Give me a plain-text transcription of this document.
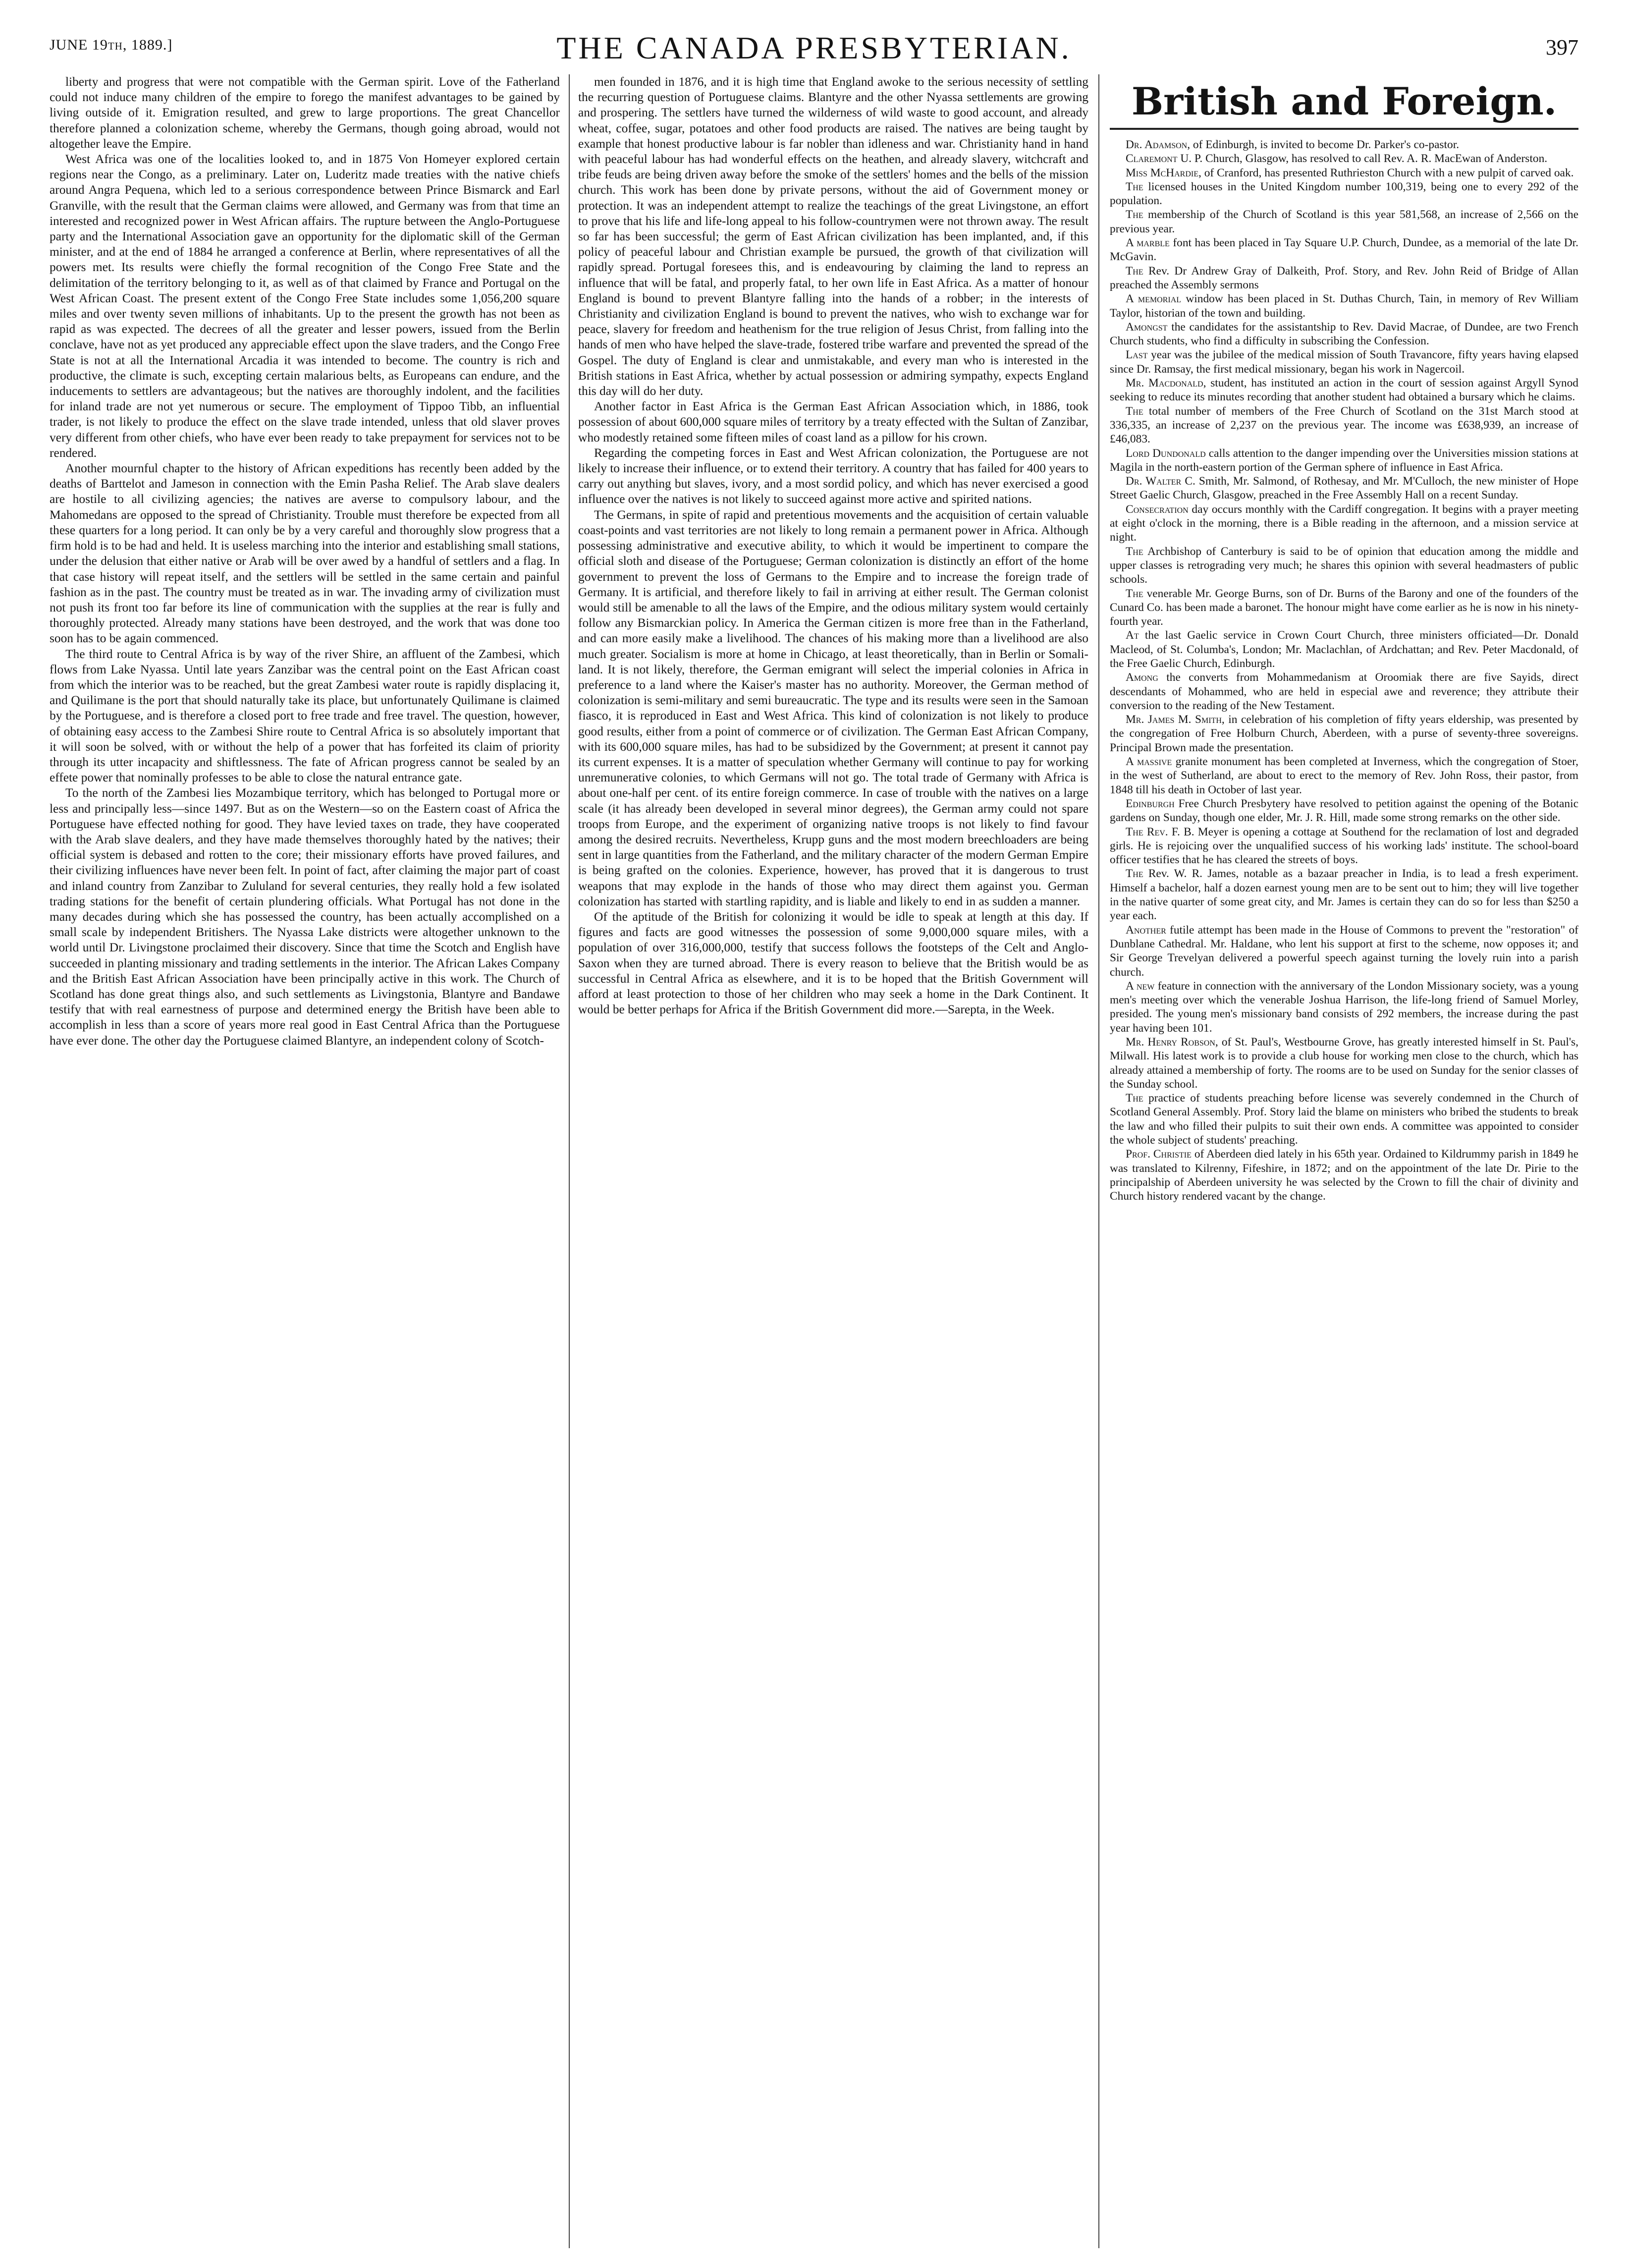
JUNE 19th, 1889.]	THE CANADA PRESBYTERIAN.	397

liberty and progress that were not compatible with the German spirit. Love of the Fatherland could not induce many children of the empire to forego the manifest advantages to be gained by living outside of it. Emigration resulted, and grew to large proportions. The great Chancellor therefore planned a colonization scheme, whereby the Germans, though going abroad, would not altogether leave the Empire.

West Africa was one of the localities looked to, and in 1875 Von Homeyer explored certain regions near the Congo, as a preliminary. Later on, Luderitz made treaties with the native chiefs around Angra Pequena, which led to a serious correspondence between Prince Bismarck and Earl Granville, with the result that the German claims were allowed, and Germany was from that time an interested and recognized power in West African affairs. The rupture between the Anglo-Portuguese party and the International Association gave an opportunity for the diplomatic skill of the German minister, and at the end of 1884 he arranged a conference at Berlin, where representatives of all the powers met. Its results were chiefly the formal recognition of the Congo Free State and the delimitation of the territory belonging to it, as well as of that claimed by France and Portugal on the West African Coast. The present extent of the Congo Free State includes some 1,056,200 square miles and over twenty seven millions of inhabitants. Up to the present the growth has not been as rapid as was expected. The decrees of all the greater and lesser powers, issued from the Berlin conclave, have not as yet produced any appreciable effect upon the slave traders, and the Congo Free State is not at all the International Arcadia it was intended to become. The country is rich and productive, the climate is such, excepting certain malarious belts, as Europeans can endure, and the inducements to settlers are advantageous; but the natives are thoroughly indolent, and the facilities for inland trade are not yet numerous or secure. The employment of Tippoo Tibb, an influential trader, is not likely to produce the effect on the slave trade intended, unless that old slaver proves very different from other chiefs, who have ever been ready to take prepayment for services not to be rendered.

Another mournful chapter to the history of African expeditions has recently been added by the deaths of Barttelot and Jameson in connection with the Emin Pasha Relief. The Arab slave dealers are hostile to all civilizing agencies; the natives are averse to compulsory labour, and the Mahomedans are opposed to the spread of Christianity. Trouble must therefore be expected from all these quarters for a long period. It can only be by a very careful and thoroughly slow progress that a firm hold is to be had and held. It is useless marching into the interior and establishing small stations, under the delusion that either native or Arab will be over awed by a handful of settlers and a flag. In that case history will repeat itself, and the settlers will be settled in the same certain and painful fashion as in the past. The country must be treated as in war. The invading army of civilization must not push its front too far before its line of communication with the supplies at the rear is fully and thoroughly protected. Already many stations have been destroyed, and the work that was done too soon has to be again commenced.

The third route to Central Africa is by way of the river Shire, an affluent of the Zambesi, which flows from Lake Nyassa. Until late years Zanzibar was the central point on the East African coast from which the interior was to be reached, but the great Zambesi water route is rapidly displacing it, and Quilimane is the port that should naturally take its place, but unfortunately Quilimane is claimed by the Portuguese, and is therefore a closed port to free trade and free travel. The question, however, of obtaining easy access to the Zambesi Shire route to Central Africa is so absolutely important that it will soon be solved, with or without the help of a power that has forfeited its claim of priority through its utter incapacity and shiftlessness. The fate of African progress cannot be sealed by an effete power that nominally professes to be able to close the natural entrance gate.

To the north of the Zambesi lies Mozambique territory, which has belonged to Portugal more or less and principally less—since 1497. But as on the Western—so on the Eastern coast of Africa the Portuguese have effected nothing for good. They have levied taxes on trade, they have cooperated with the Arab slave dealers, and they have made themselves thoroughly hated by the natives; their official system is debased and rotten to the core; their missionary efforts have proved failures, and their civilizing influences have never been felt. In point of fact, after claiming the major part of coast and inland country from Zanzibar to Zululand for several centuries, they really hold a few isolated trading stations for the benefit of certain plundering officials. What Portugal has not done in the many decades during which she has possessed the country, has been actually accomplished on a small scale by independent Britishers. The Nyassa Lake districts were altogether unknown to the world until Dr. Livingstone proclaimed their discovery. Since that time the Scotch and English have succeeded in planting missionary and trading settlements in the interior. The African Lakes Company and the British East African Association have been principally active in this work. The Church of Scotland has done great things also, and such settlements as Livingstonia, Blantyre and Bandawe testify that with real earnestness of purpose and determined energy the British have been able to accomplish in less than a score of years more real good in East Central Africa than the Portuguese have ever done. The other day the Portuguese claimed Blantyre, an independent colony of Scotch-

men founded in 1876, and it is high time that England awoke to the serious necessity of settling the recurring question of Portuguese claims. Blantyre and the other Nyassa settlements are growing and prospering. The settlers have turned the wilderness of wild waste to good account, and already wheat, coffee, sugar, potatoes and other food products are raised. The natives are being taught by example that honest productive labour is far nobler than idleness and war. Christianity hand in hand with peaceful labour has had wonderful effects on the heathen, and already slavery, witchcraft and tribe feuds are being driven away before the smoke of the settlers' homes and the bells of the mission church. This work has been done by private persons, without the aid of Government money or protection. It was an independent attempt to realize the teachings of the great Livingstone, an effort to prove that his life and life-long appeal to his follow-countrymen were not thrown away. The result so far has been successful; the germ of East African civilization has been implanted, and, if this policy of peaceful labour and Christian example be pursued, the growth of that civilization will rapidly spread. Portugal foresees this, and is endeavouring by claiming the land to repress an influence that will be fatal, and properly fatal, to her own life in East Africa. As a matter of honour England is bound to prevent Blantyre falling into the hands of a robber; in the interests of Christianity and civilization England is bound to prevent the natives, who wish to exchange war for peace, slavery for freedom and heathenism for the true religion of Jesus Christ, from falling into the hands of men who have helped the slave-trade, fostered tribe warfare and prevented the spread of the Gospel. The duty of England is clear and unmistakable, and every man who is interested in the British stations in East Africa, whether by actual possession or admiring sympathy, expects England this day will do her duty.

Another factor in East Africa is the German East African Association which, in 1886, took possession of about 600,000 square miles of territory by a treaty effected with the Sultan of Zanzibar, who modestly retained some fifteen miles of coast land as a pillow for his crown.

Regarding the competing forces in East and West African colonization, the Portuguese are not likely to increase their influence, or to extend their territory. A country that has failed for 400 years to carry out anything but slaves, ivory, and a most sordid policy, and which has never exercised a good influence over the natives is not likely to succeed against more active and spirited nations.

The Germans, in spite of rapid and pretentious movements and the acquisition of certain valuable coast-points and vast territories are not likely to long remain a permanent power in Africa. Although possessing administrative and executive ability, to which it would be impertinent to compare the official sloth and disease of the Portuguese; German colonization is distinctly an effort of the home government to prevent the loss of Germans to the Empire and to increase the foreign trade of Germany. It is artificial, and therefore likely to fail in arriving at either result. The German colonist would still be amenable to all the laws of the Empire, and the odious military system would certainly follow any Bismarckian policy. In America the German citizen is more free than in the Fatherland, and can more easily make a livelihood. The chances of his making more than a livelihood are also much greater. Socialism is more at home in Chicago, at least theoretically, than in Berlin or Somali-land. It is not likely, therefore, the German emigrant will select the imperial colonies in Africa in preference to a land where the Kaiser's master has no authority. Moreover, the German method of colonization is semi-military and semi bureaucratic. The type and its results were seen in the Samoan fiasco, it is reproduced in East and West Africa. This kind of colonization is not likely to produce good results, either from a point of commerce or of civilization. The German East African Company, with its 600,000 square miles, has had to be subsidized by the Government; at present it cannot pay its current expenses. It is a matter of speculation whether Germany will continue to pay for working unremunerative colonies, to which Germans will not go. The total trade of Germany with Africa is about one-half per cent. of its entire foreign commerce. In case of trouble with the natives on a large scale (it has already been developed in several minor degrees), the German army could not spare troops from Europe, and the experiment of organizing native troops is not likely to find favour among the desired recruits. Nevertheless, Krupp guns and the most modern breechloaders are being sent in large quantities from the Fatherland, and the military character of the modern German Empire is being grafted on the colonies. Experience, however, has proved that it is dangerous to trust weapons that may explode in the hands of those who may direct them against you. German colonization has started with startling rapidity, and is liable and likely to end in as sudden a manner.

Of the aptitude of the British for colonizing it would be idle to speak at length at this day. If figures and facts are good witnesses the possession of some 9,000,000 square miles, with a population of over 316,000,000, testify that success follows the footsteps of the Celt and Anglo-Saxon when they are turned abroad. There is every reason to believe that the British would be as successful in Central Africa as elsewhere, and it is to be hoped that the British Government will afford at least protection to those of her children who may seek a home in the Dark Continent. It would be better perhaps for Africa if the British Government did more.—Sarepta, in the Week.

British and Foreign.

Dr. Adamson, of Edinburgh, is invited to become Dr. Parker's co-pastor.

Claremont U. P. Church, Glasgow, has resolved to call Rev. A. R. MacEwan of Anderston.

Miss McHardie, of Cranford, has presented Ruthrieston Church with a new pulpit of carved oak.

The licensed houses in the United Kingdom number 100,319, being one to every 292 of the population.

The membership of the Church of Scotland is this year 581,568, an increase of 2,566 on the previous year.

A marble font has been placed in Tay Square U.P. Church, Dundee, as a memorial of the late Dr. McGavin.

The Rev. Dr Andrew Gray of Dalkeith, Prof. Story, and Rev. John Reid of Bridge of Allan preached the Assembly sermons

A memorial window has been placed in St. Duthas Church, Tain, in memory of Rev William Taylor, historian of the town and building.

Amongst the candidates for the assistantship to Rev. David Macrae, of Dundee, are two French Church students, who find a difficulty in subscribing the Confession.

Last year was the jubilee of the medical mission of South Travancore, fifty years having elapsed since Dr. Ramsay, the first medical missionary, began his work in Nagercoil.

Mr. Macdonald, student, has instituted an action in the court of session against Argyll Synod seeking to reduce its minutes recording that another student had obtained a bursary which he claims.

The total number of members of the Free Church of Scotland on the 31st March stood at 336,335, an increase of 2,237 on the previous year. The income was £638,939, an increase of £46,083.

Lord Dundonald calls attention to the danger impending over the Universities mission stations at Magila in the north-eastern portion of the German sphere of influence in East Africa.

Dr. Walter C. Smith, Mr. Salmond, of Rothesay, and Mr. M'Culloch, the new minister of Hope Street Gaelic Church, Glasgow, preached in the Free Assembly Hall on a recent Sunday.

Consecration day occurs monthly with the Cardiff congregation. It begins with a prayer meeting at eight o'clock in the morning, there is a Bible reading in the afternoon, and a mission service at night.

The Archbishop of Canterbury is said to be of opinion that education among the middle and upper classes is retrograding very much; he shares this opinion with several headmasters of public schools.

The venerable Mr. George Burns, son of Dr. Burns of the Barony and one of the founders of the Cunard Co. has been made a baronet. The honour might have come earlier as he is now in his ninety-fourth year.

At the last Gaelic service in Crown Court Church, three ministers officiated—Dr. Donald Macleod, of St. Columba's, London; Mr. Maclachlan, of Ardchattan; and Rev. Peter Macdonald, of the Free Gaelic Church, Edinburgh.

Among the converts from Mohammedanism at Oroomiak there are five Sayids, direct descendants of Mohammed, who are held in especial awe and reverence; they attribute their conversion to the reading of the New Testament.

Mr. James M. Smith, in celebration of his completion of fifty years eldership, was presented by the congregation of Free Holburn Church, Aberdeen, with a purse of seventy-three sovereigns. Principal Brown made the presentation.

A massive granite monument has been completed at Inverness, which the congregation of Stoer, in the west of Sutherland, are about to erect to the memory of Rev. John Ross, their pastor, from 1848 till his death in October of last year.

Edinburgh Free Church Presbytery have resolved to petition against the opening of the Botanic gardens on Sunday, though one elder, Mr. J. R. Hill, made some strong remarks on the other side.

The Rev. F. B. Meyer is opening a cottage at Southend for the reclamation of lost and degraded girls. He is rejoicing over the unqualified success of his working lads' institute. The school-board officer testifies that he has cleared the streets of boys.

The Rev. W. R. James, notable as a bazaar preacher in India, is to lead a fresh experiment. Himself a bachelor, half a dozen earnest young men are to be sent out to him; they will live together in the native quarter of some great city, and Mr. James is certain they can do so for less than $250 a year each.

Another futile attempt has been made in the House of Commons to prevent the "restoration" of Dunblane Cathedral. Mr. Haldane, who lent his support at first to the scheme, now opposes it; and Sir George Trevelyan delivered a powerful speech against turning the lovely ruin into a parish church.

A new feature in connection with the anniversary of the London Missionary society, was a young men's meeting over which the venerable Joshua Harrison, the life-long friend of Samuel Morley, presided. The young men's missionary band consists of 292 members, the increase during the past year having been 101.

Mr. Henry Robson, of St. Paul's, Westbourne Grove, has greatly interested himself in St. Paul's, Milwall. His latest work is to provide a club house for working men close to the church, which has already attained a membership of forty. The rooms are to be used on Sunday for the senior classes of the Sunday school.

The practice of students preaching before license was severely condemned in the Church of Scotland General Assembly. Prof. Story laid the blame on ministers who bribed the students to break the law and who filled their pulpits to suit their own ends. A committee was appointed to consider the whole subject of students' preaching.

Prof. Christie of Aberdeen died lately in his 65th year. Ordained to Kildrummy parish in 1849 he was translated to Kilrenny, Fifeshire, in 1872; and on the appointment of the late Dr. Pirie to the principalship of Aberdeen university he was selected by the Crown to fill the chair of divinity and Church history rendered vacant by the change.
